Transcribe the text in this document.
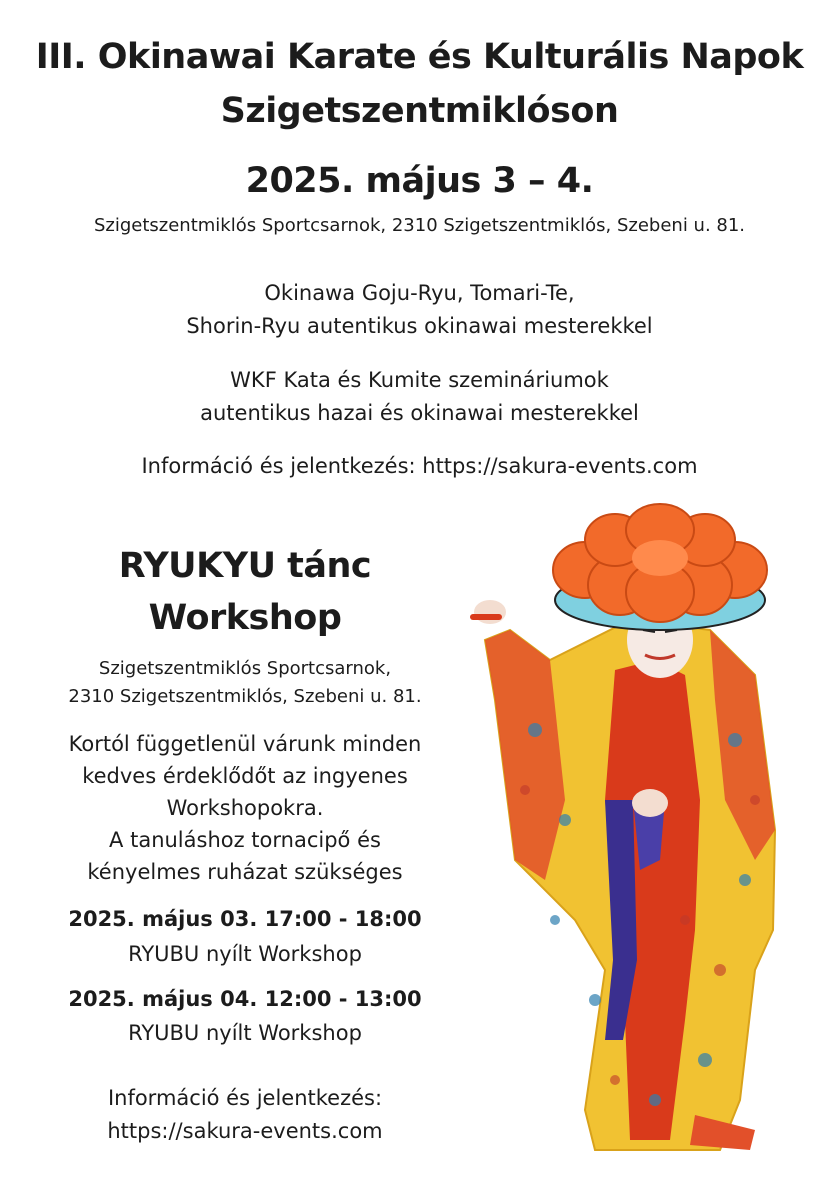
III. Okinawai Karate és Kulturális Napok
Szigetszentmiklóson
2025. május 3 – 4.
Szigetszentmiklós Sportcsarnok, 2310 Szigetszentmiklós, Szebeni u. 81.
Okinawa Goju-Ryu, Tomari-Te,
Shorin-Ryu autentikus okinawai mesterekkel
WKF Kata és Kumite szemináriumok
autentikus hazai és okinawai mesterekkel
Információ és jelentkezés: https://sakura-events.com
RYUKYU tánc
Workshop
Szigetszentmiklós Sportcsarnok,
2310 Szigetszentmiklós, Szebeni u. 81.
Kortól függetlenül várunk minden
kedves érdeklődőt az ingyenes
Workshopokra.
A tanuláshoz tornacipő és
kényelmes ruházat szükséges
2025. május 03. 17:00 - 18:00
RYUBU nyílt Workshop
2025. május 04. 12:00 - 13:00
RYUBU nyílt Workshop
Információ és jelentkezés:
https://sakura-events.com
